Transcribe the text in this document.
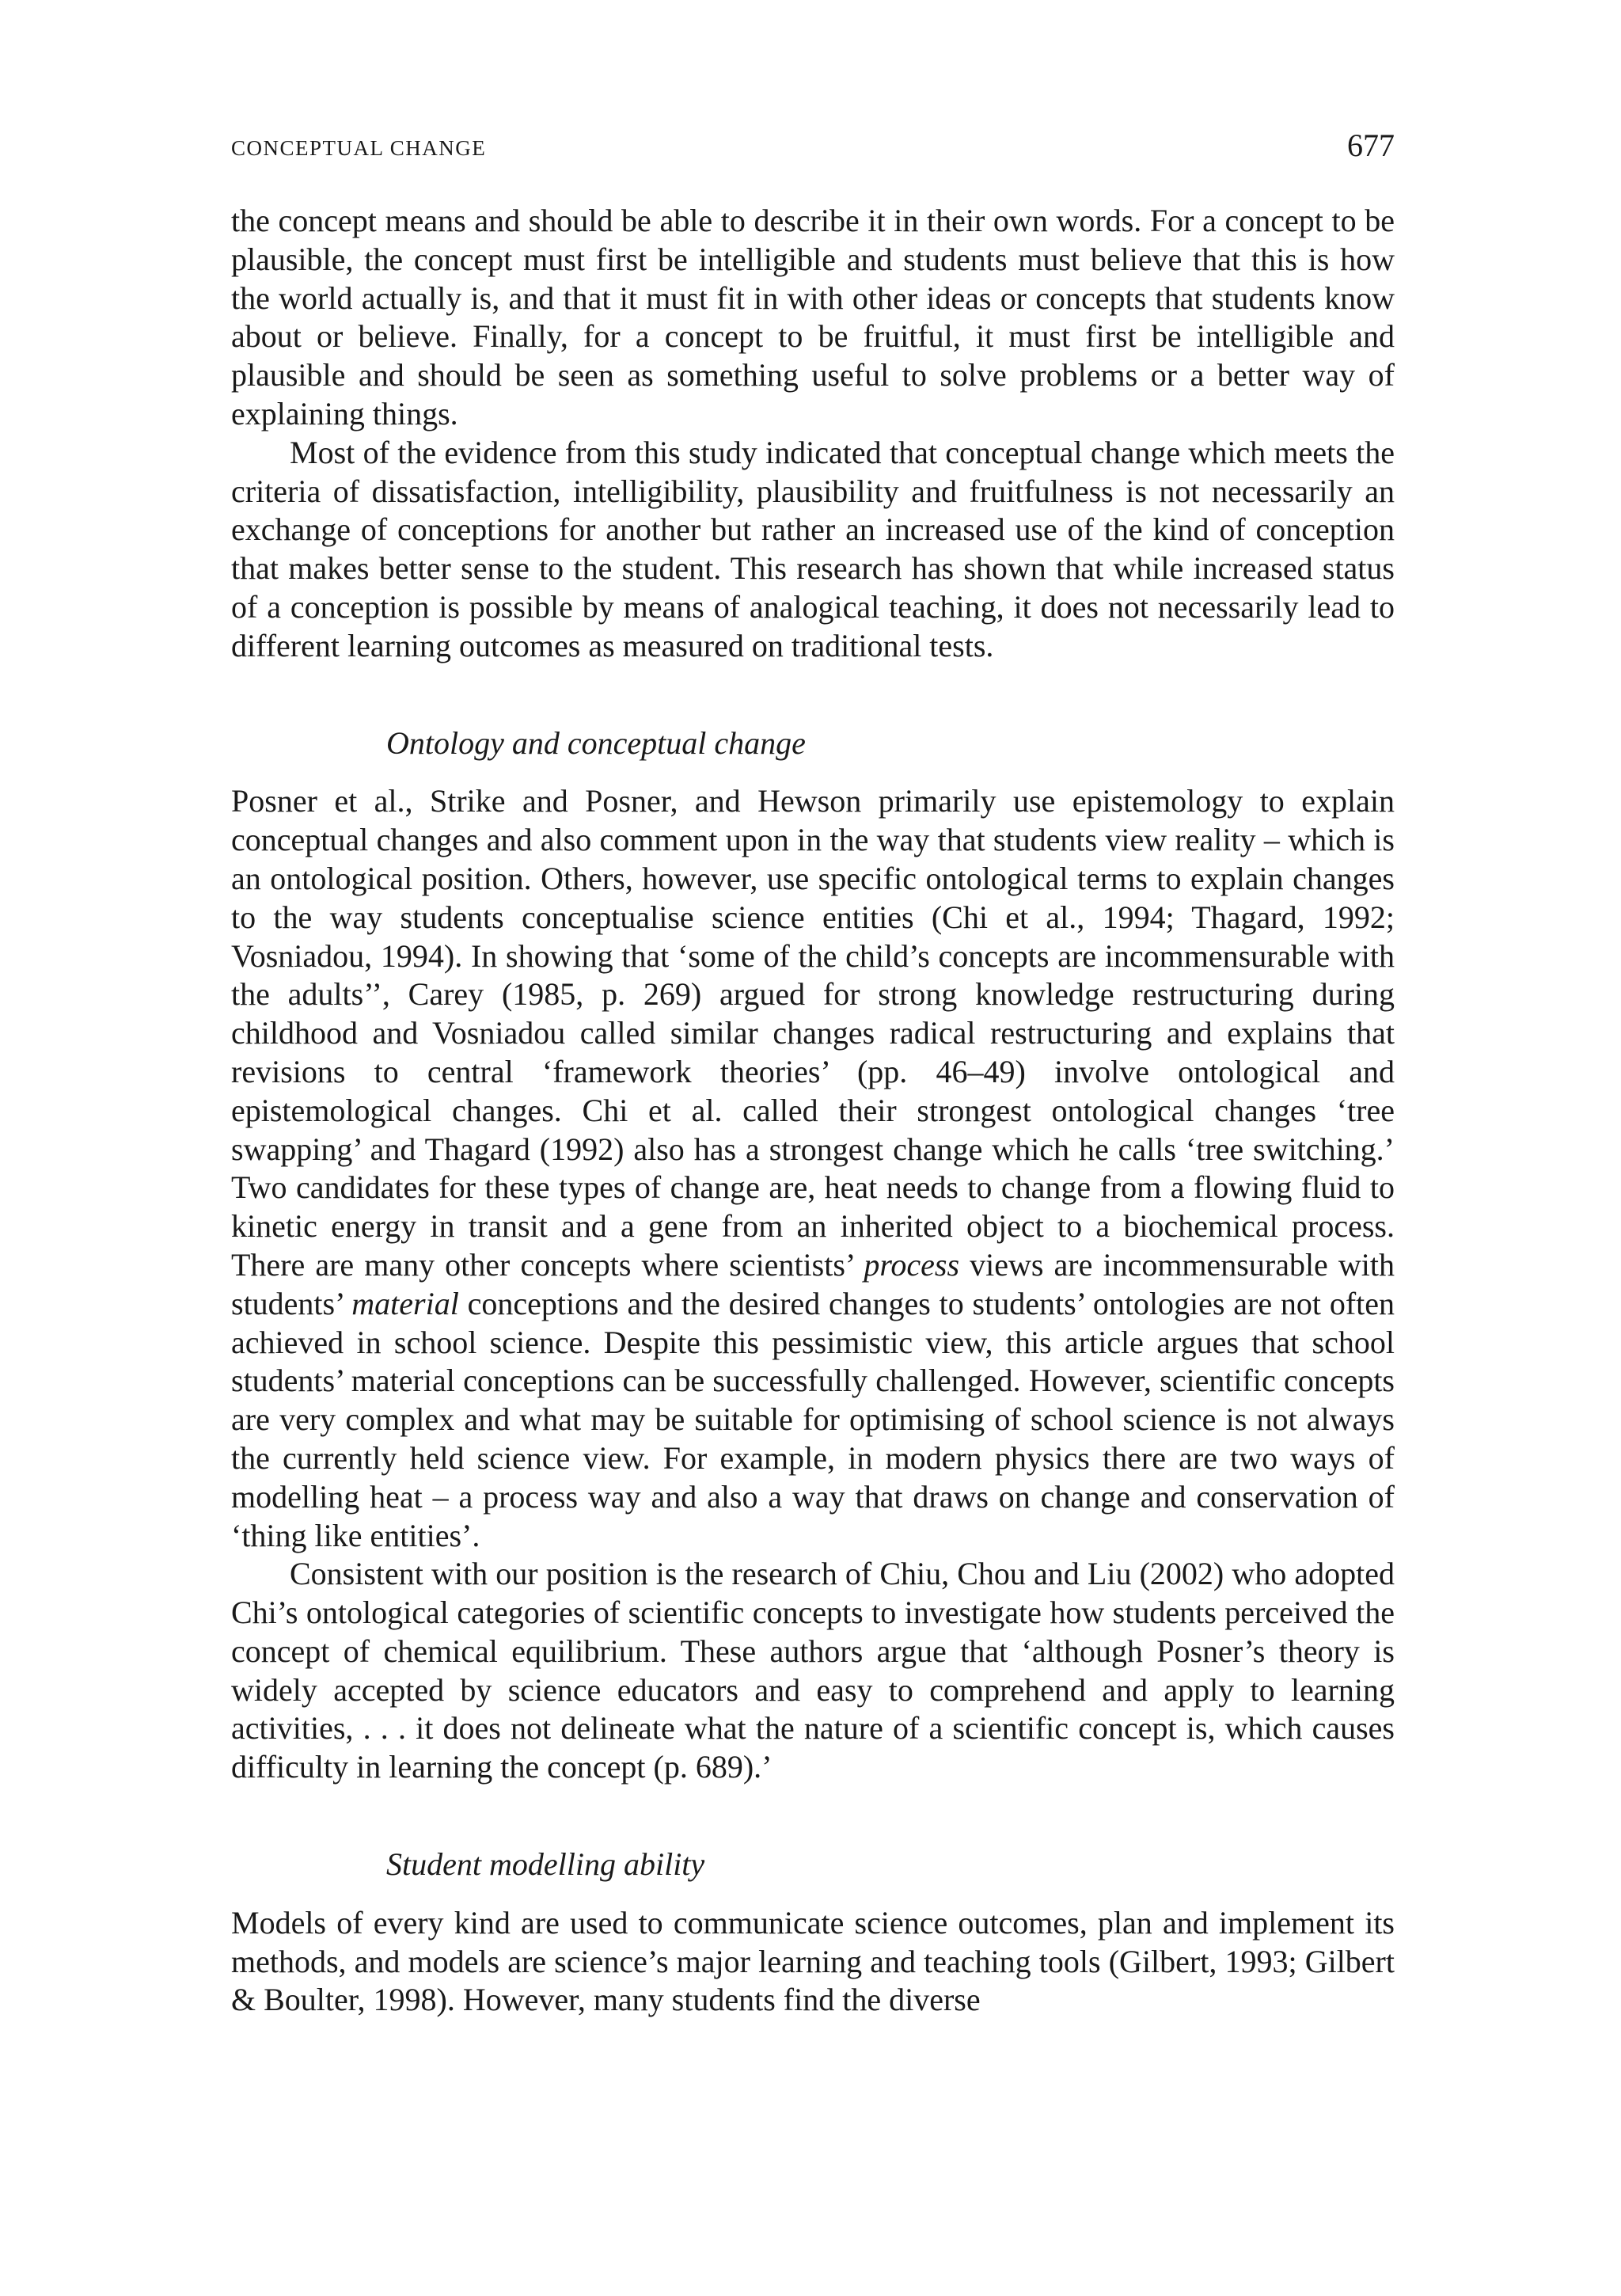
CONCEPTUAL CHANGE	677

the concept means and should be able to describe it in their own words. For a concept to be plausible, the concept must first be intelligible and students must believe that this is how the world actually is, and that it must fit in with other ideas or concepts that students know about or believe. Finally, for a concept to be fruitful, it must first be intelligible and plausible and should be seen as something useful to solve problems or a better way of explaining things.

Most of the evidence from this study indicated that conceptual change which meets the criteria of dissatisfaction, intelligibility, plausibility and fruitfulness is not necessarily an exchange of conceptions for another but rather an increased use of the kind of conception that makes better sense to the student. This research has shown that while increased status of a conception is possible by means of analogical teaching, it does not necessarily lead to different learning outcomes as measured on traditional tests.

Ontology and conceptual change

Posner et al., Strike and Posner, and Hewson primarily use epistemology to explain conceptual changes and also comment upon in the way that students view reality – which is an ontological position. Others, however, use specific ontological terms to explain changes to the way students conceptualise science entities (Chi et al., 1994; Thagard, 1992; Vosniadou, 1994). In showing that ‘some of the child’s concepts are incommensurable with the adults’’, Carey (1985, p. 269) argued for strong knowledge restructuring during childhood and Vosniadou called similar changes radical restructuring and explains that revisions to central ‘framework theories’ (pp. 46–49) involve ontological and epistemological changes. Chi et al. called their strongest ontological changes ‘tree swapping’ and Thagard (1992) also has a strongest change which he calls ‘tree switching.’ Two candidates for these types of change are, heat needs to change from a flowing fluid to kinetic energy in transit and a gene from an inherited object to a biochemical process. There are many other concepts where scientists’ process views are incommensurable with students’ material conceptions and the desired changes to students’ ontologies are not often achieved in school science. Despite this pessimistic view, this article argues that school students’ material conceptions can be successfully challenged. However, scientific concepts are very complex and what may be suitable for optimising of school science is not always the currently held science view. For example, in modern physics there are two ways of modelling heat – a process way and also a way that draws on change and conservation of ‘thing like entities’.

Consistent with our position is the research of Chiu, Chou and Liu (2002) who adopted Chi’s ontological categories of scientific concepts to investigate how students perceived the concept of chemical equilibrium. These authors argue that ‘although Posner’s theory is widely accepted by science educators and easy to comprehend and apply to learning activities, . . . it does not delineate what the nature of a scientific concept is, which causes difficulty in learning the concept (p. 689).’

Student modelling ability

Models of every kind are used to communicate science outcomes, plan and implement its methods, and models are science’s major learning and teaching tools (Gilbert, 1993; Gilbert & Boulter, 1998). However, many students find the diverse
